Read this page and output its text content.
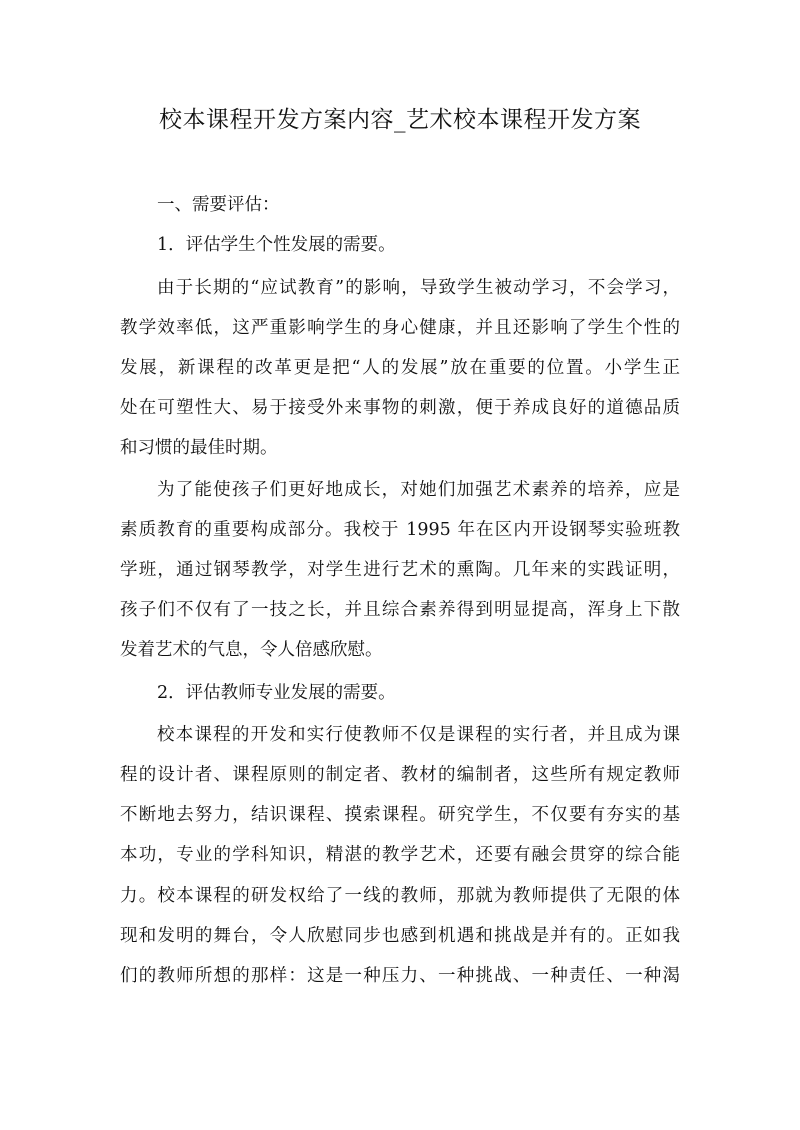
校本课程开发方案内容_艺术校本课程开发方案
一、需要评估：
1．评估学生个性发展的需要。
由于长期的“应试教育”的影响，导致学生被动学习，不会学习，
教学效率低，这严重影响学生的身心健康，并且还影响了学生个性的
发展，新课程的改革更是把“人的发展”放在重要的位置。小学生正
处在可塑性大、易于接受外来事物的刺激，便于养成良好的道德品质
和习惯的最佳时期。
为了能使孩子们更好地成长，对她们加强艺术素养的培养，应是
素质教育的重要构成部分。我校于 1995 年在区内开设钢琴实验班教
学班，通过钢琴教学，对学生进行艺术的熏陶。几年来的实践证明，
孩子们不仅有了一技之长，并且综合素养得到明显提高，浑身上下散
发着艺术的气息，令人倍感欣慰。
2．评估教师专业发展的需要。
校本课程的开发和实行使教师不仅是课程的实行者，并且成为课
程的设计者、课程原则的制定者、教材的编制者，这些所有规定教师
不断地去努力，结识课程、摸索课程。研究学生，不仅要有夯实的基
本功，专业的学科知识，精湛的教学艺术，还要有融会贯穿的综合能
力。校本课程的研发权给了一线的教师，那就为教师提供了无限的体
现和发明的舞台，令人欣慰同步也感到机遇和挑战是并有的。正如我
们的教师所想的那样：这是一种压力、一种挑战、一种责任、一种渴
